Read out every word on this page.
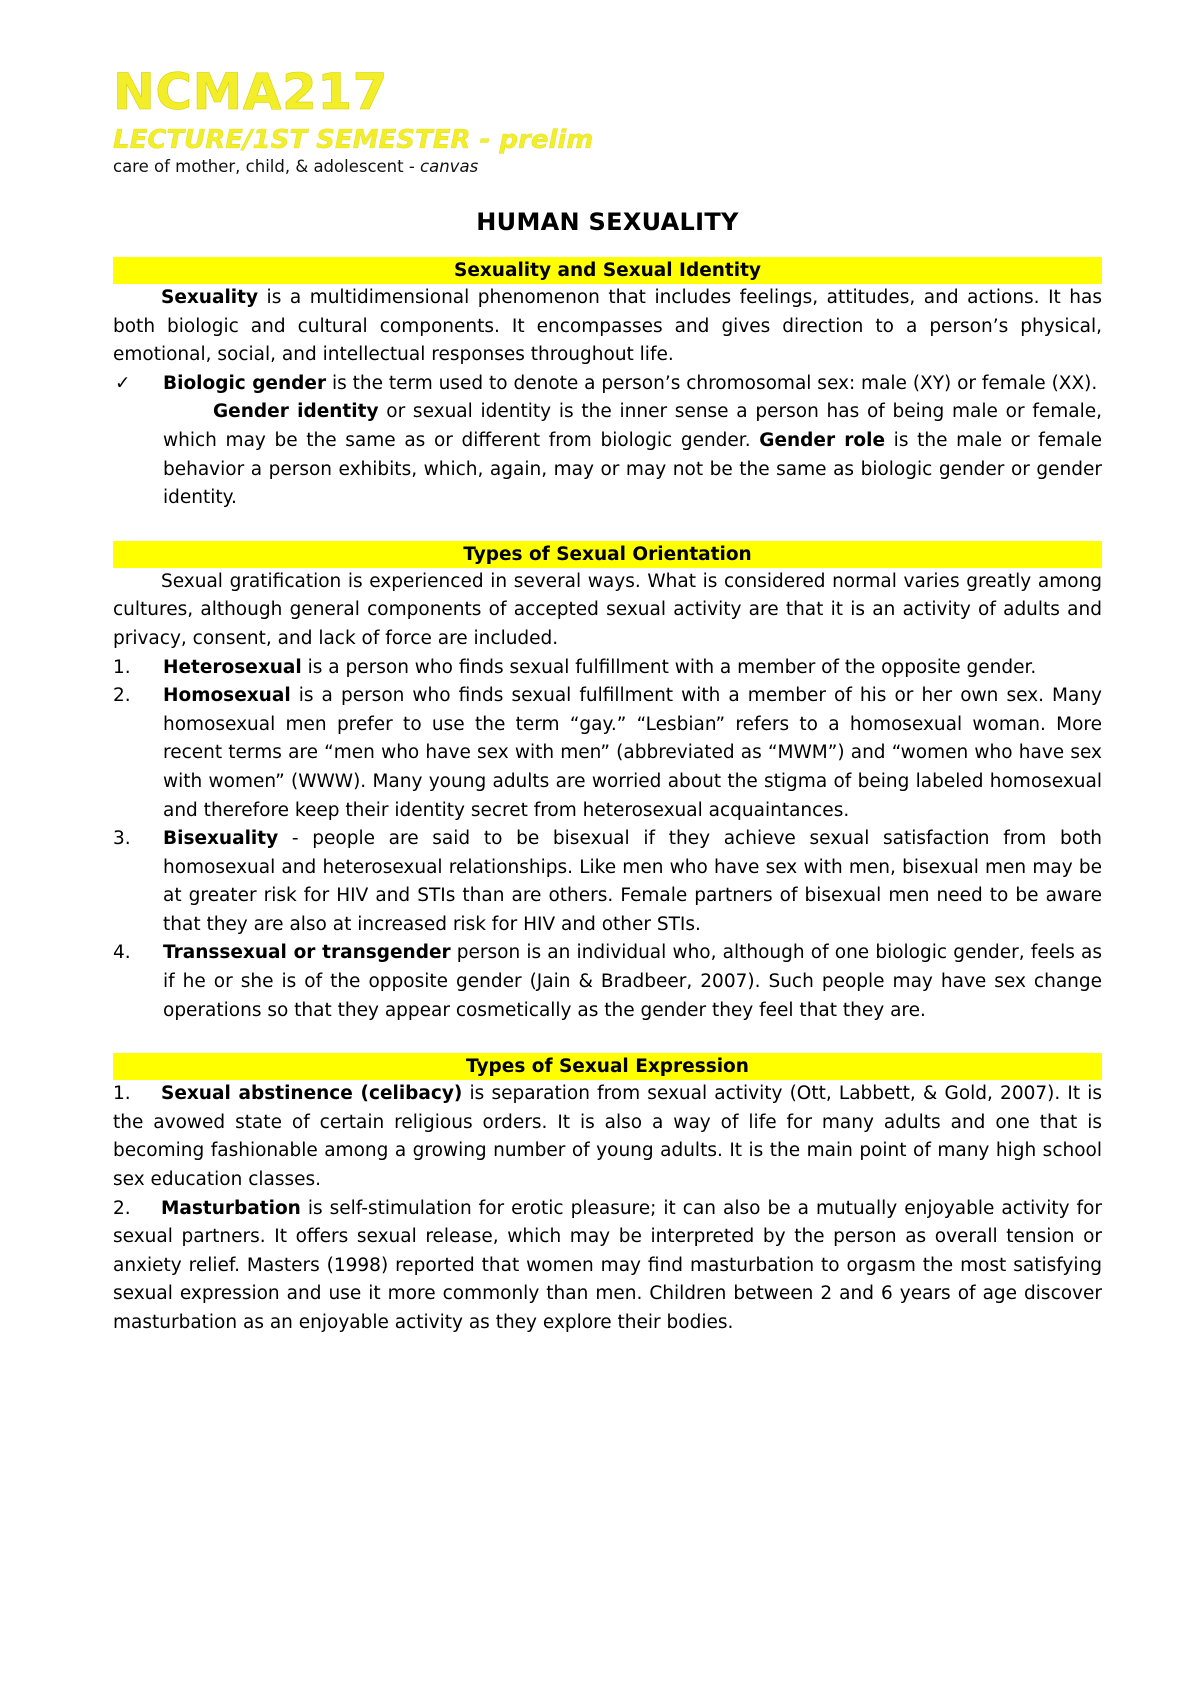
NCMA217
LECTURE/1ST SEMESTER - prelim
care of mother, child, & adolescent - canvas
HUMAN SEXUALITY
Sexuality and Sexual Identity

Sexuality is a multidimensional phenomenon that includes feelings, attitudes, and actions. It has both biologic and cultural components. It encompasses and gives direction to a person’s physical, emotional, social, and intellectual responses throughout life.

✓	Biologic gender is the term used to denote a person’s chromosomal sex: male (XY) or female (XX).

Gender identity or sexual identity is the inner sense a person has of being male or female, which may be the same as or different from biologic gender. Gender role is the male or female behavior a person exhibits, which, again, may or may not be the same as biologic gender or gender identity.

Types of Sexual Orientation

Sexual gratification is experienced in several ways. What is considered normal varies greatly among cultures, although general components of accepted sexual activity are that it is an activity of adults and privacy, consent, and lack of force are included.

1.	Heterosexual is a person who finds sexual fulfillment with a member of the opposite gender.

2.	Homosexual is a person who finds sexual fulfillment with a member of his or her own sex. Many homosexual men prefer to use the term “gay.” “Lesbian” refers to a homosexual woman. More recent terms are “men who have sex with men” (abbreviated as “MWM”) and “women who have sex with women” (WWW). Many young adults are worried about the stigma of being labeled homosexual and therefore keep their identity secret from heterosexual acquaintances.

3.	Bisexuality - people are said to be bisexual if they achieve sexual satisfaction from both homosexual and heterosexual relationships. Like men who have sex with men, bisexual men may be at greater risk for HIV and STIs than are others. Female partners of bisexual men need to be aware that they are also at increased risk for HIV and other STIs.

4.	Transsexual or transgender person is an individual who, although of one biologic gender, feels as if he or she is of the opposite gender (Jain & Bradbeer, 2007). Such people may have sex change operations so that they appear cosmetically as the gender they feel that they are.

Types of Sexual Expression

1. Sexual abstinence (celibacy) is separation from sexual activity (Ott, Labbett, & Gold, 2007). It is the avowed state of certain religious orders. It is also a way of life for many adults and one that is becoming fashionable among a growing number of young adults. It is the main point of many high school sex education classes.

2. Masturbation is self-stimulation for erotic pleasure; it can also be a mutually enjoyable activity for sexual partners. It offers sexual release, which may be interpreted by the person as overall tension or anxiety relief. Masters (1998) reported that women may find masturbation to orgasm the most satisfying sexual expression and use it more commonly than men. Children between 2 and 6 years of age discover masturbation as an enjoyable activity as they explore their bodies.
